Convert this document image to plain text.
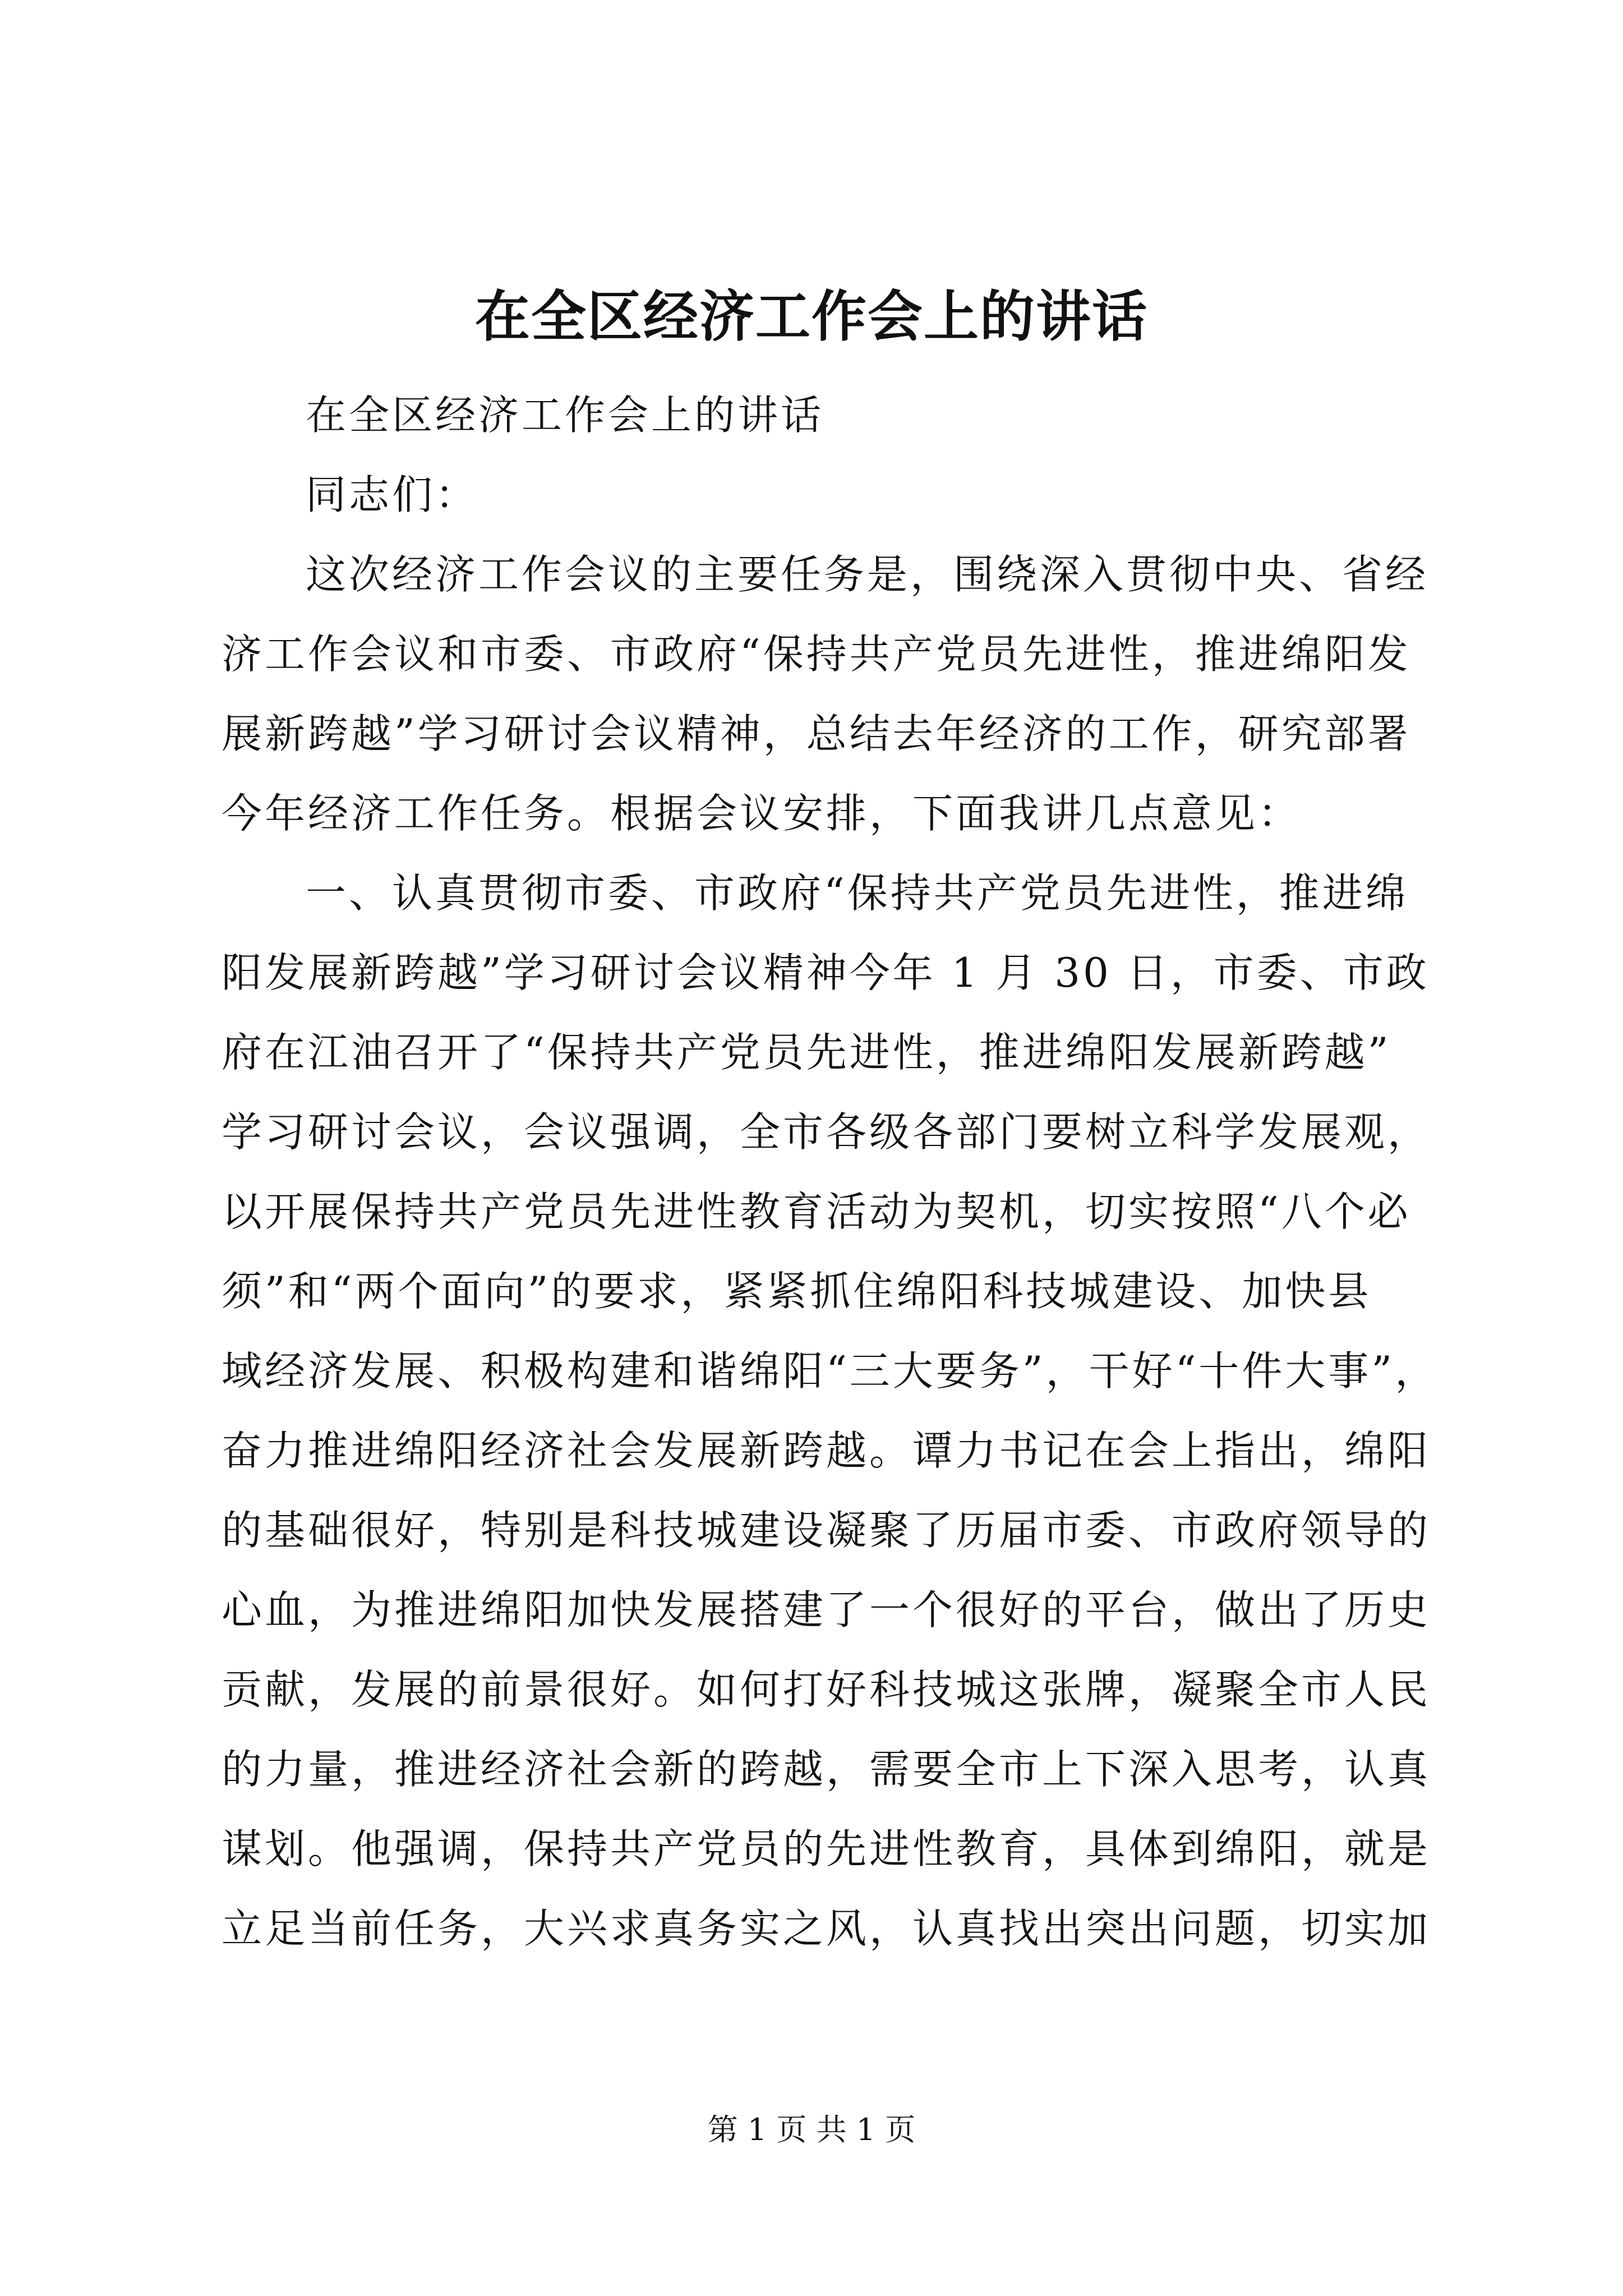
在全区经济工作会上的讲话
在全区经济工作会上的讲话
同志们：
这次经济工作会议的主要任务是，围绕深入贯彻中央、省经
济工作会议和市委、市政府“保持共产党员先进性，推进绵阳发
展新跨越”学习研讨会议精神，总结去年经济的工作，研究部署
今年经济工作任务。根据会议安排，下面我讲几点意见：
一、认真贯彻市委、市政府“保持共产党员先进性，推进绵
阳发展新跨越”学习研讨会议精神今年 1 月 30 日，市委、市政
府在江油召开了“保持共产党员先进性，推进绵阳发展新跨越”
学习研讨会议，会议强调，全市各级各部门要树立科学发展观，
以开展保持共产党员先进性教育活动为契机，切实按照“八个必
须”和“两个面向”的要求，紧紧抓住绵阳科技城建设、加快县
域经济发展、积极构建和谐绵阳“三大要务”，干好“十件大事”，
奋力推进绵阳经济社会发展新跨越。谭力书记在会上指出，绵阳
的基础很好，特别是科技城建设凝聚了历届市委、市政府领导的
心血，为推进绵阳加快发展搭建了一个很好的平台，做出了历史
贡献，发展的前景很好。如何打好科技城这张牌，凝聚全市人民
的力量，推进经济社会新的跨越，需要全市上下深入思考，认真
谋划。他强调，保持共产党员的先进性教育，具体到绵阳，就是
立足当前任务，大兴求真务实之风，认真找出突出问题，切实加
第 1 页 共 1 页
